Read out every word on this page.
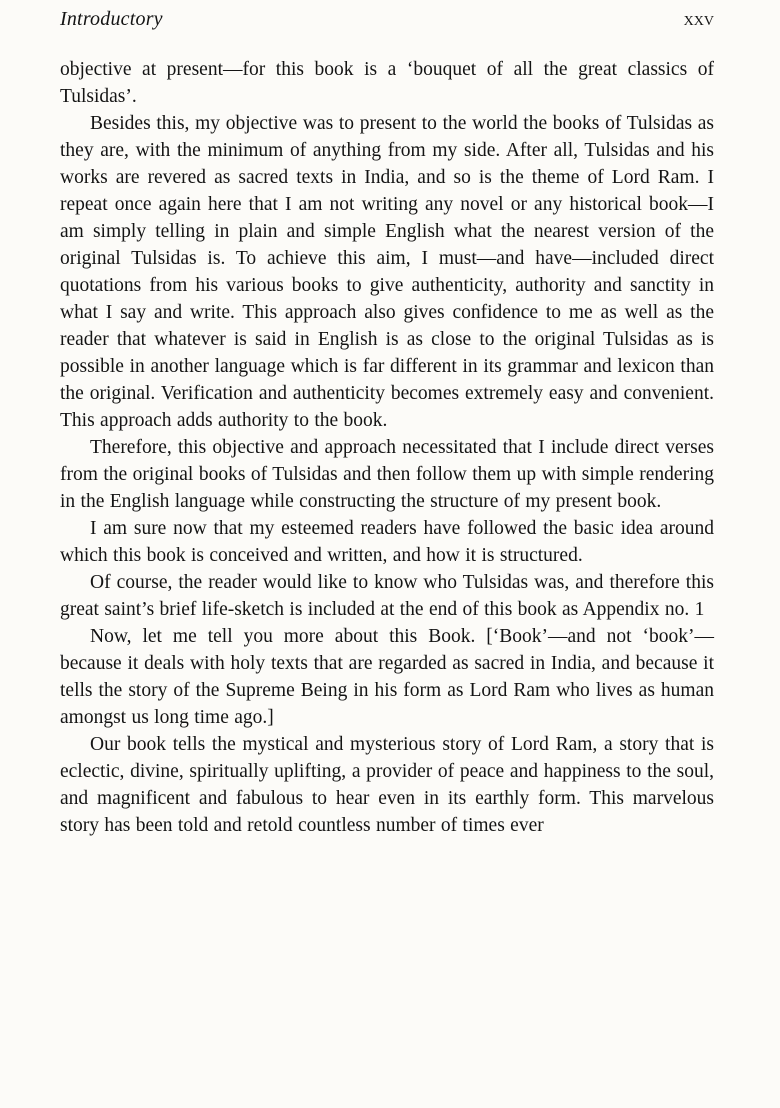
Introductory	xxv

objective at present—for this book is a ‘bouquet of all the great classics of Tulsidas’.

Besides this, my objective was to present to the world the books of Tulsidas as they are, with the minimum of anything from my side. After all, Tulsidas and his works are revered as sacred texts in India, and so is the theme of Lord Ram. I repeat once again here that I am not writing any novel or any historical book—I am simply telling in plain and simple English what the nearest version of the original Tulsidas is. To achieve this aim, I must—and have—included direct quotations from his various books to give authenticity, authority and sanctity in what I say and write. This approach also gives confidence to me as well as the reader that whatever is said in English is as close to the original Tulsidas as is possible in another language which is far different in its grammar and lexicon than the original. Verification and authenticity becomes extremely easy and convenient. This approach adds authority to the book.

Therefore, this objective and approach necessitated that I include direct verses from the original books of Tulsidas and then follow them up with simple rendering in the English language while constructing the structure of my present book.

I am sure now that my esteemed readers have followed the basic idea around which this book is conceived and written, and how it is structured.

Of course, the reader would like to know who Tulsidas was, and therefore this great saint’s brief life-sketch is included at the end of this book as Appendix no. 1

Now, let me tell you more about this Book. [‘Book’—and not ‘book’—because it deals with holy texts that are regarded as sacred in India, and because it tells the story of the Supreme Being in his form as Lord Ram who lives as human amongst us long time ago.]

Our book tells the mystical and mysterious story of Lord Ram, a story that is eclectic, divine, spiritually uplifting, a provider of peace and happiness to the soul, and magnificent and fabulous to hear even in its earthly form. This marvelous story has been told and retold countless number of times ever
